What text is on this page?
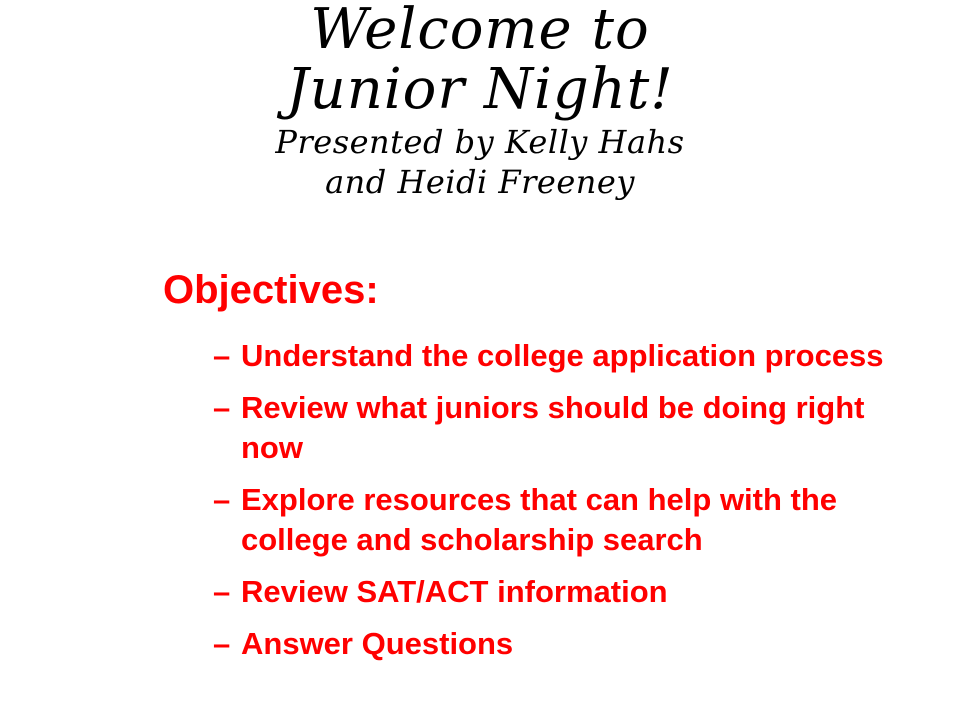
Welcome to

Junior Night!

Presented by Kelly Hahs

and Heidi Freeney

Objectives:
– Understand the college application process
– Review what juniors should be doing right now
– Explore resources that can help with the college and scholarship search
– Review SAT/ACT information
– Answer Questions
